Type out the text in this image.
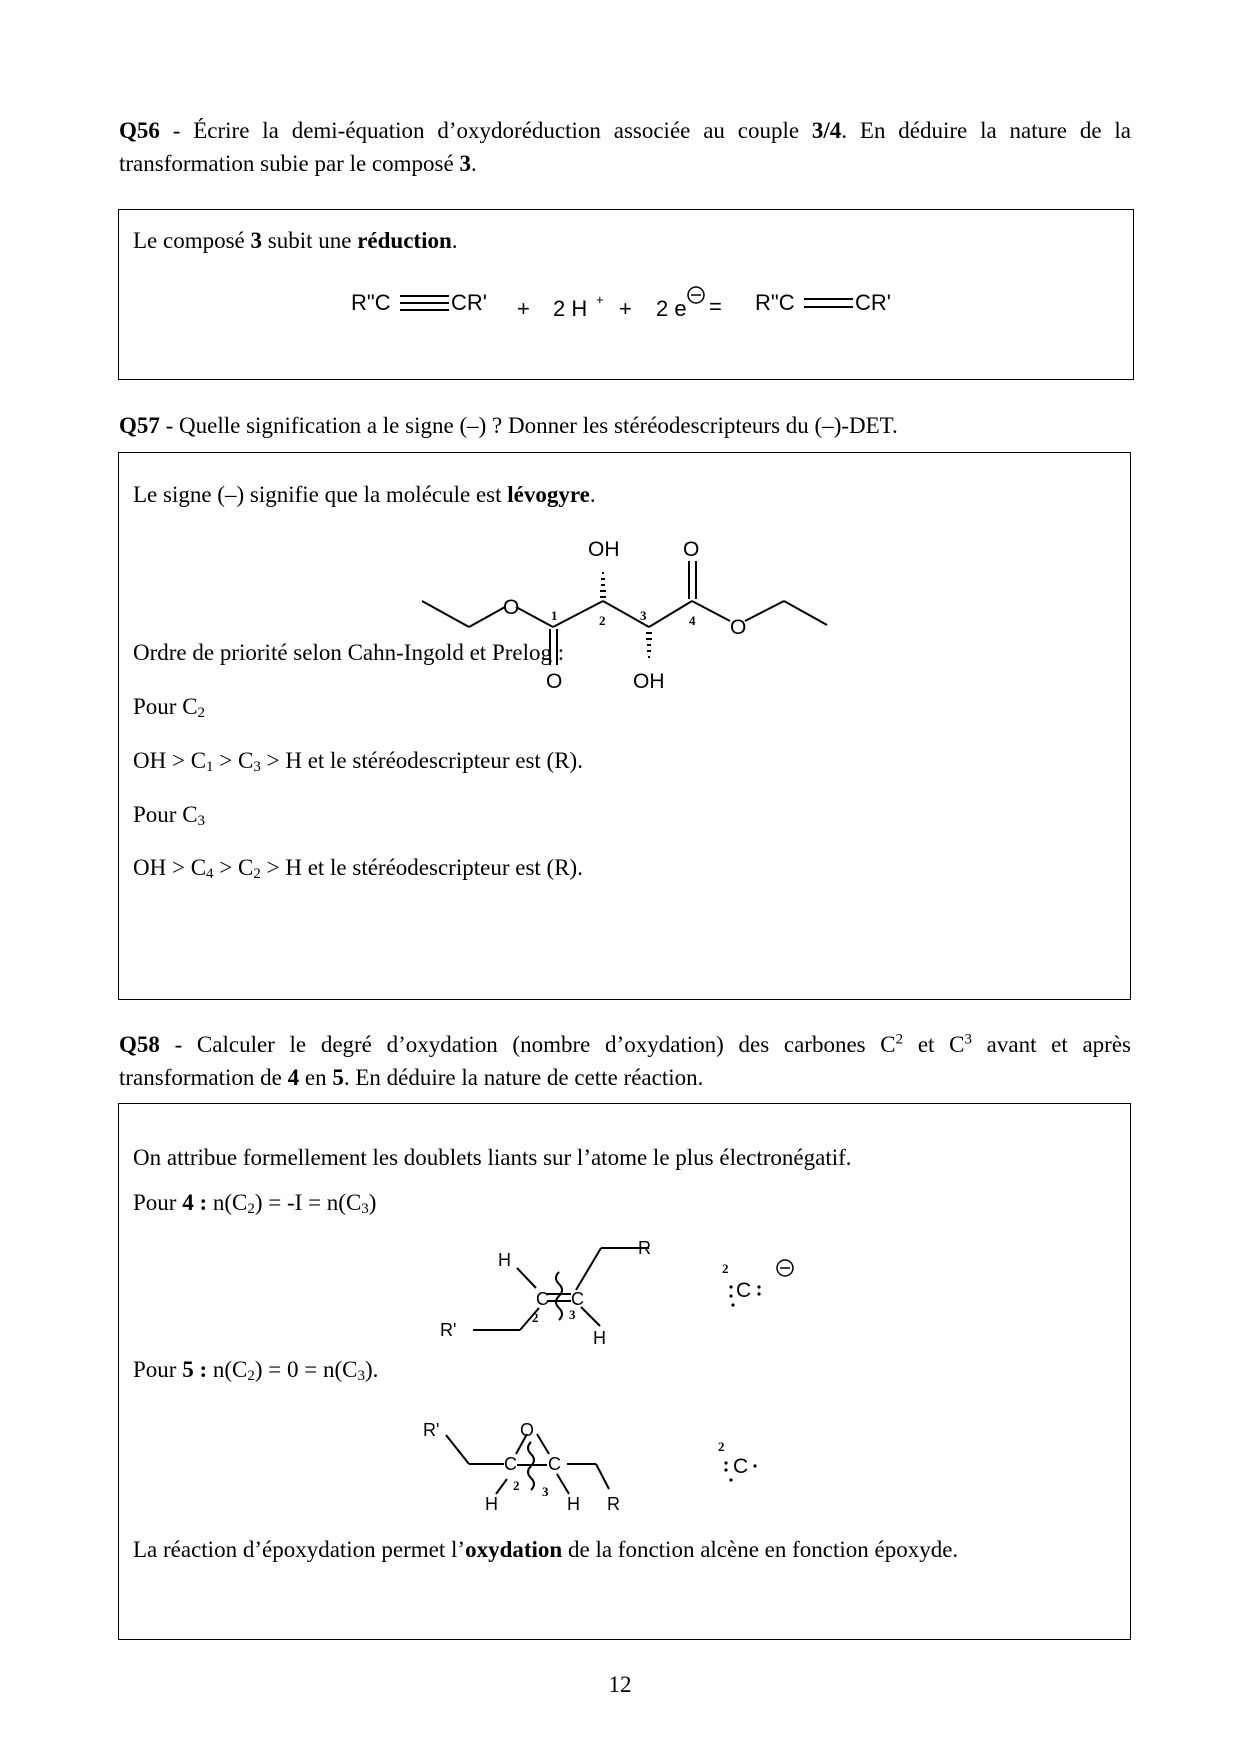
Q56 - Écrire la demi-équation d’oxydoréduction associée au couple 3/4. En déduire la nature de la transformation subie par le composé 3.

Le composé 3 subit une réduction.
R"C	CR' + 2 H + + 2 e = R"C	CR'

Q57 - Quelle signification a le signe (–) ? Donner les stéréodescripteurs du (–)-DET.

Le signe (–) signifie que la molécule est lévogyre.
OH	O
O
O
O	OH
1	2	3	4
Ordre de priorité selon Cahn-Ingold et Prelog :
Pour $C_2$
OH > $C_1 > C_3 > H$ et le stéréodescripteur est (R).
Pour $C_3$
OH > $C_4 > C_2 > H$ et le stéréodescripteur est (R).

Q58 - Calculer le degré d’oxydation (nombre d’oxydation) des carbones $C^2$ et $C^3$ avant et après transformation de 4 en 5. En déduire la nature de cette réaction.

On attribue formellement les doublets liants sur l’atome le plus électronégatif.
Pour 4 : $n(C_2) = -I = n(C_3)$
H
R
C C
R'	H
2 3
2
C
Pour 5 : $n(C_2) = 0 = n(C_3)$.
R'	O
C C
H	H R
2 3
2
C
La réaction d’époxydation permet l’oxydation de la fonction alcène en fonction époxyde.
12
